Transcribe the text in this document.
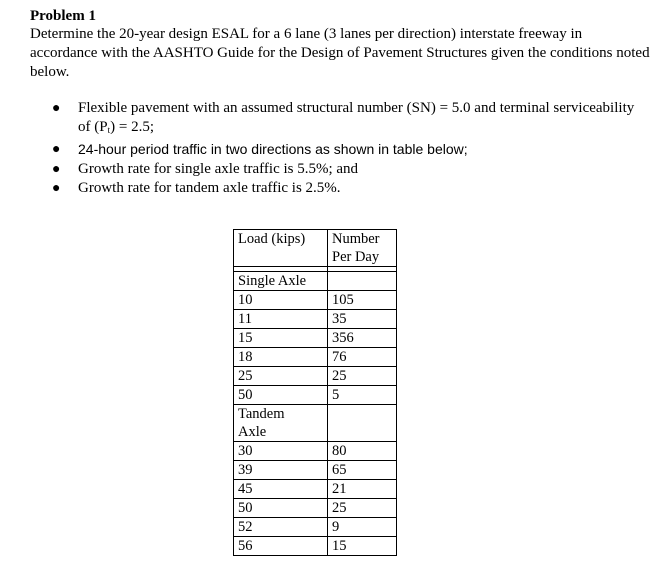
Problem 1
Determine the 20-year design ESAL for a 6 lane (3 lanes per direction) interstate freeway in accordance with the AASHTO Guide for the Design of Pavement Structures given the conditions noted below.
● Flexible pavement with an assumed structural number (SN) = 5.0 and terminal serviceability of $(P_t) = 2.5$;
● 24-hour period traffic in two directions as shown in table below;
● Growth rate for single axle traffic is 5.5%; and
● Growth rate for tandem axle traffic is 2.5%.
Load (kips)	Number
Per Day

Single Axle	
10	105
11	35
15	356
18	76
25	25
50	5

Tandem
Axle	

30	80
39	65
45	21
50	25
52	9
56	15
